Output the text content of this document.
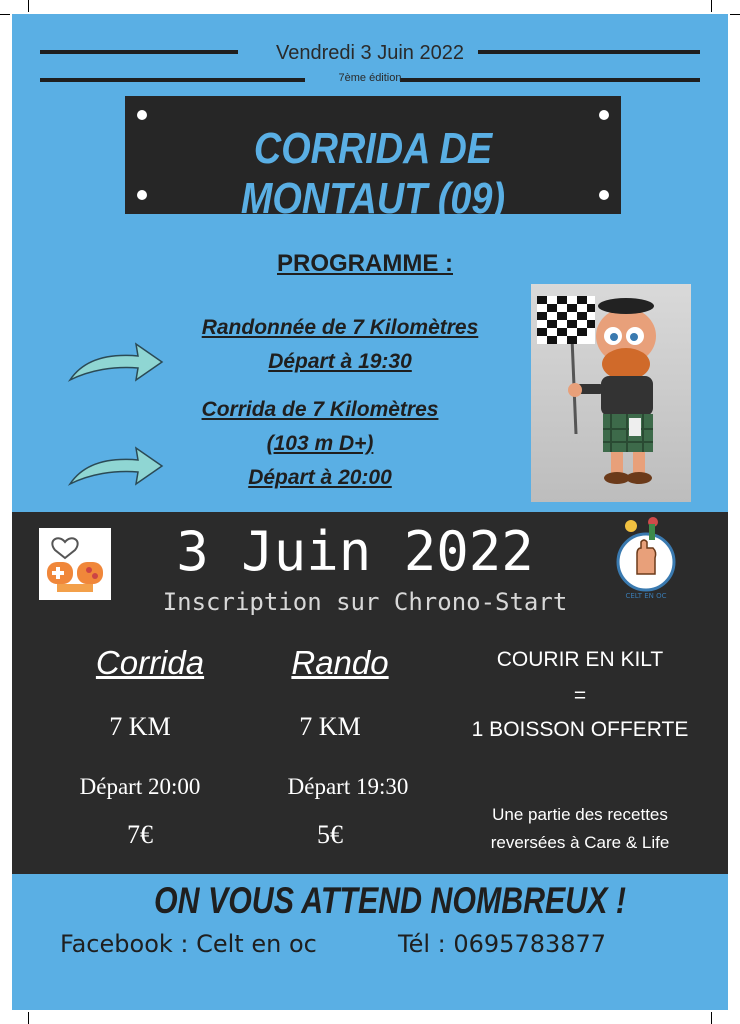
Vendredi 3 Juin 2022
7ème édition
CORRIDA DE MONTAUT (09)
PROGRAMME :
Randonnée de 7 Kilomètres
Départ à 19:30
Corrida de 7 Kilomètres
(103 m D+)
Départ à 20:00
3 Juin 2022
Inscription sur Chrono-Start	CELT EN OC
Corrida	Rando
7 KM	7 KM
Départ 20:00	Départ 19:30
7€	5€
COURIR EN KILT
=
1 BOISSON OFFERTE
Une partie des recettes
reversées à Care & Life
ON VOUS ATTEND NOMBREUX !
Facebook : Celt en oc	Tél : 0695783877
